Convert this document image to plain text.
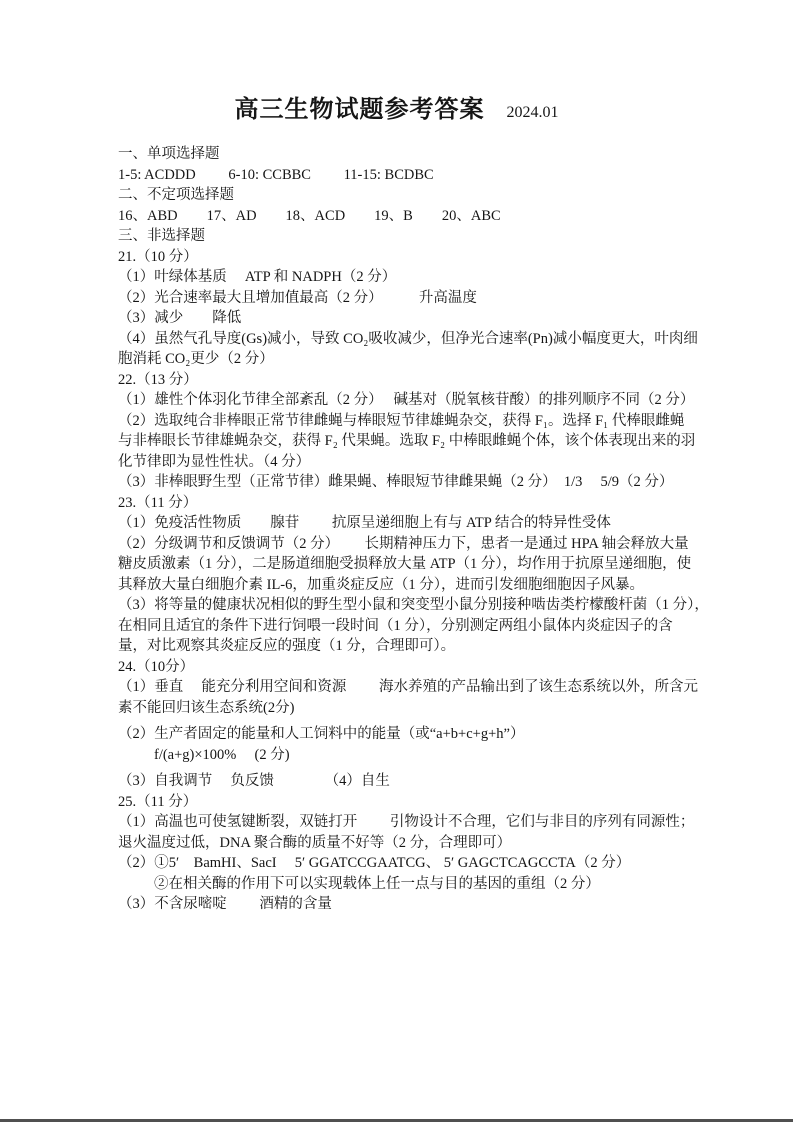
高三生物试题参考答案 2024.01
一、单项选择题
1-5: ACDDD　　 6-10: CCBBC　　 11-15: BCDBC
二、不定项选择题
16、ABD　　17、AD　　18、ACD　　19、B　　20、ABC
三、非选择题
21.（10 分）
（1）叶绿体基质　 ATP 和 NADPH（2 分）
（2）光合速率最大且增加值最高（2 分）　　　升高温度
（3）减少　　降低
（4）虽然气孔导度(Gs)减小，导致 CO₂吸收减少，但净光合速率(Pn)减小幅度更大，叶肉细
胞消耗 CO₂更少（2 分）
22.（13 分）
（1）雄性个体羽化节律全部紊乱（2 分）　 碱基对（脱氧核苷酸）的排列顺序不同（2 分）
（2）选取纯合非棒眼正常节律雌蝇与棒眼短节律雄蝇杂交，获得 F₁。选择 F₁ 代棒眼雌蝇
与非棒眼长节律雄蝇杂交，获得 F₂ 代果蝇。选取 F₂ 中棒眼雌蝇个体，该个体表现出来的羽
化节律即为显性性状。（4 分）
（3）非棒眼野生型（正常节律）雌果蝇、棒眼短节律雌果蝇（2 分）  1/3　 5/9（2 分）
23.（11 分）
（1）免疫活性物质　　腺苷　　 抗原呈递细胞上有与 ATP 结合的特异性受体
（2）分级调节和反馈调节（2 分）　　 长期精神压力下，患者一是通过 HPA 轴会释放大量
糖皮质激素（1 分），二是肠道细胞受损释放大量 ATP（1 分），均作用于抗原呈递细胞，使
其释放大量白细胞介素 IL-6，加重炎症反应（1 分），进而引发细胞细胞因子风暴。
（3）将等量的健康状况相似的野生型小鼠和突变型小鼠分别接种啮齿类柠檬酸杆菌（1 分），
在相同且适宜的条件下进行饲喂一段时间（1 分），分别测定两组小鼠体内炎症因子的含
量，对比观察其炎症反应的强度（1 分，合理即可）。
24.（10分）
（1）垂直　 能充分利用空间和资源　　 海水养殖的产品输出到了该生态系统以外，所含元
素不能回归该生态系统(2分)
（2）生产者固定的能量和人工饲料中的能量（或“a+b+c+g+h”）
f/(a+g)×100%　 (2 分)
（3）自我调节　 负反馈　　　　（4）自生
25.（11 分）
（1）高温也可使氢键断裂，双链打开　　 引物设计不合理，它们与非目的序列有同源性；
退火温度过低，DNA 聚合酶的质量不好等（2 分，合理即可）
（2）①5′　BamHI、SacI　 5′ GGATCCGAATCG、 5′ GAGCTCAGCCTA（2 分）
②在相关酶的作用下可以实现载体上任一点与目的基因的重组（2 分）
（3）不含尿嘧啶　　 酒精的含量
